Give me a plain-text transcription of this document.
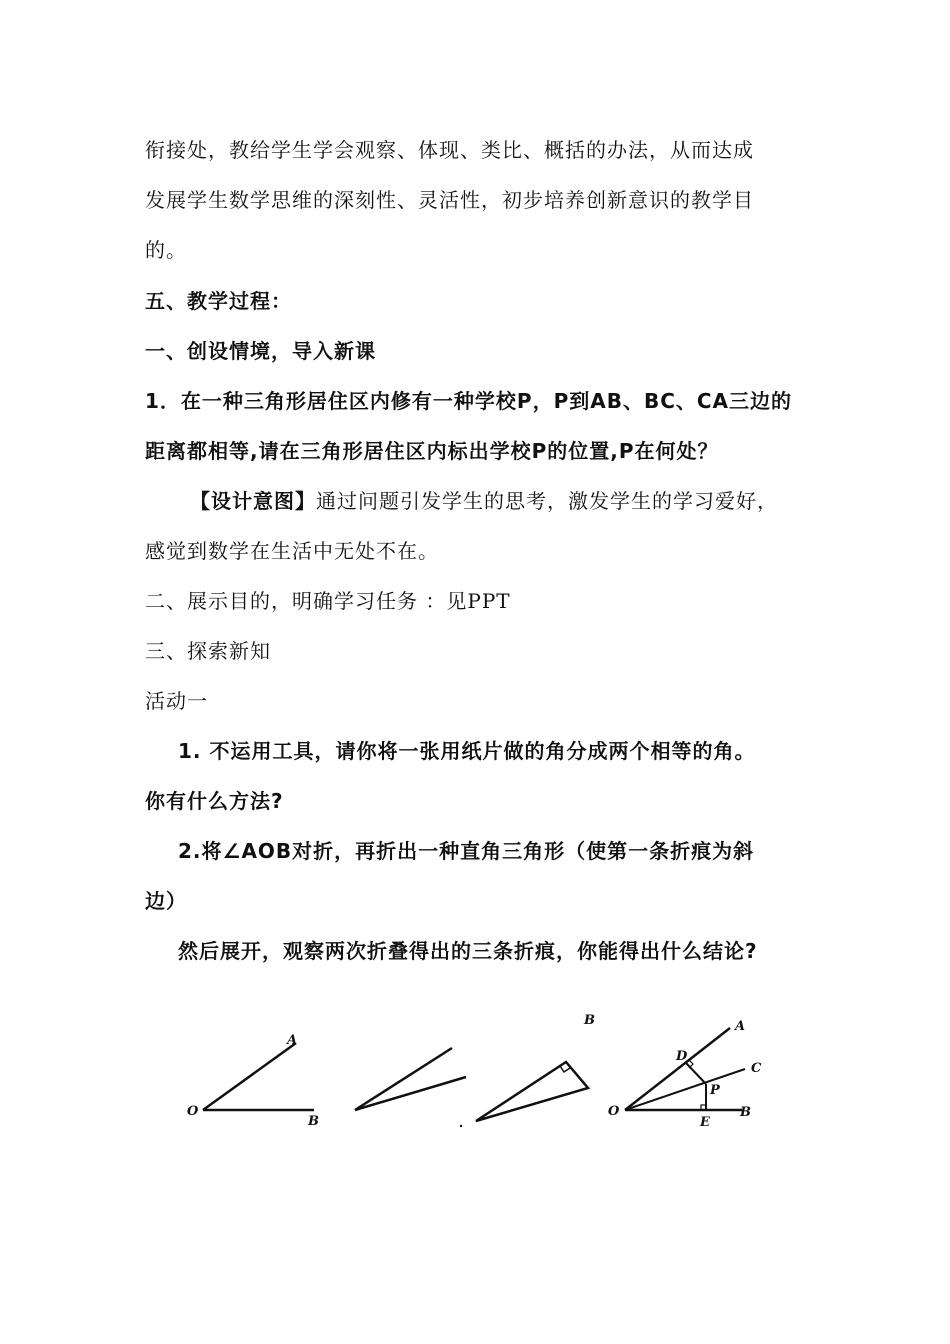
衔接处，教给学生学会观察、体现、类比、概括的办法，从而达成
发展学生数学思维的深刻性、灵活性，初步培养创新意识的教学目
的。
五、教学过程：
一、创设情境，导入新课
1．在一种三角形居住区内修有一种学校P，P到AB、BC、CA三边的
距离都相等,请在三角形居住区内标出学校P的位置,P在何处？
【设计意图】通过问题引发学生的思考，激发学生的学习爱好，
感觉到数学在生活中无处不在。
二、展示目的，明确学习任务 ：见PPT
三、探索新知
活动一
1. 不运用工具，请你将一张用纸片做的角分成两个相等的角。
你有什么方法?
2.将∠AOB对折，再折出一种直角三角形（使第一条折痕为斜
边）
然后展开，观察两次折叠得出的三条折痕，你能得出什么结论?
A
O
B
B	A
D
C
P
O
E
B
